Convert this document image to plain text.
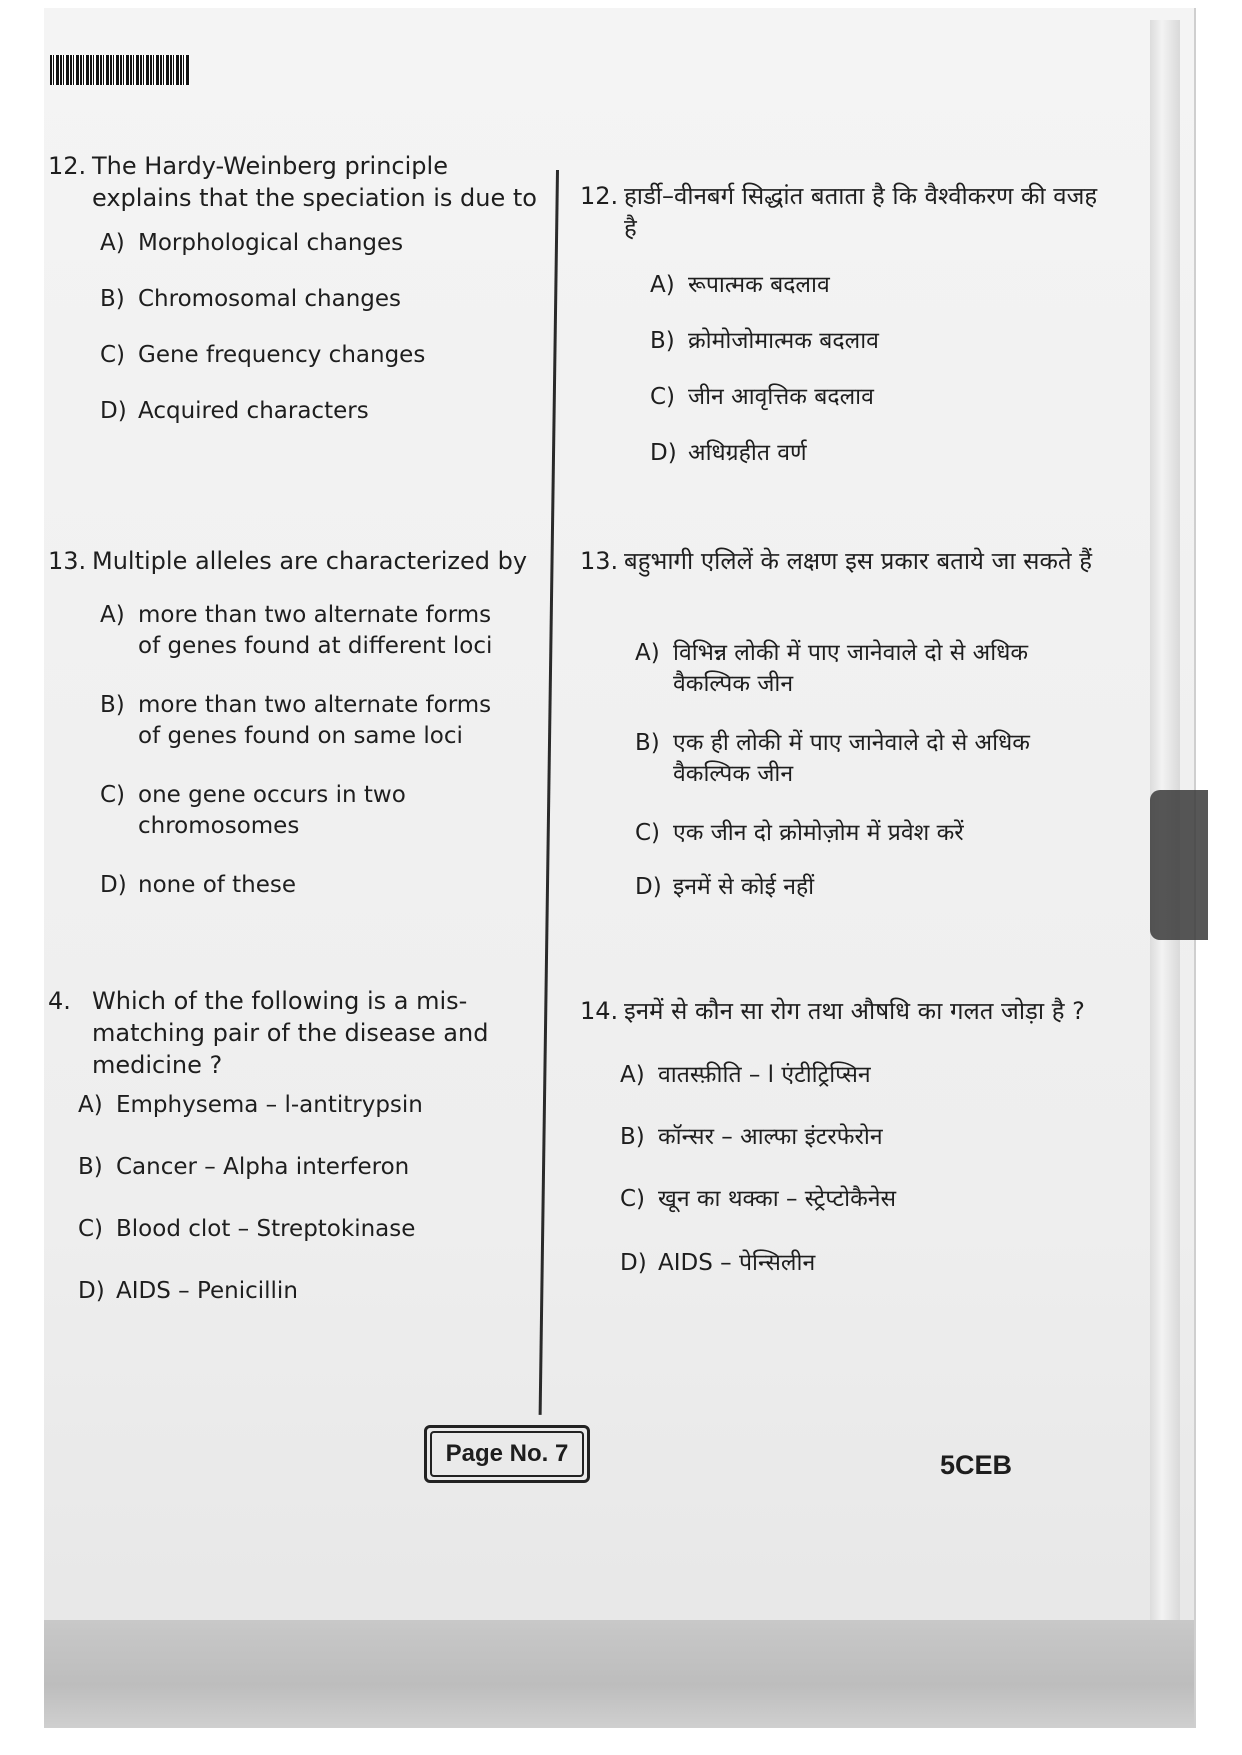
12. The Hardy-Weinberg principle explains that the speciation is due to
A) Morphological changes
B) Chromosomal changes
C) Gene frequency changes
D) Acquired characters
13. Multiple alleles are characterized by
A) more than two alternate forms of genes found at different loci
B) more than two alternate forms of genes found on same loci
C) one gene occurs in two chromosomes
D) none of these
4. Which of the following is a mis-matching pair of the disease and medicine ?
A) Emphysema – l-antitrypsin
B) Cancer – Alpha interferon
C) Blood clot – Streptokinase
D) AIDS – Penicillin
12. हार्डी–वीनबर्ग सिद्धांत बताता है कि वैश्वीकरण की वजह है
A) रूपात्मक बदलाव
B) क्रोमोजोमात्मक बदलाव
C) जीन आवृत्तिक बदलाव
D) अधिग्रहीत वर्ण
13. बहुभागी एलिलें के लक्षण इस प्रकार बताये जा सकते हैं
A) विभिन्न लोकी में पाए जानेवाले दो से अधिक वैकल्पिक जीन
B) एक ही लोकी में पाए जानेवाले दो से अधिक वैकल्पिक जीन
C) एक जीन दो क्रोमोज़ोम में प्रवेश करें
D) इनमें से कोई नहीं
14. इनमें से कौन सा रोग तथा औषधि का गलत जोड़ा है ?
A) वातस्फ़ीति – l एंटीट्रिप्सिन
B) कॉन्सर – आल्फा इंटरफेरोन
C) खून का थक्का – स्ट्रेप्टोकैनेस
D) AIDS – पेन्सिलीन
Page No. 7	5CEB
